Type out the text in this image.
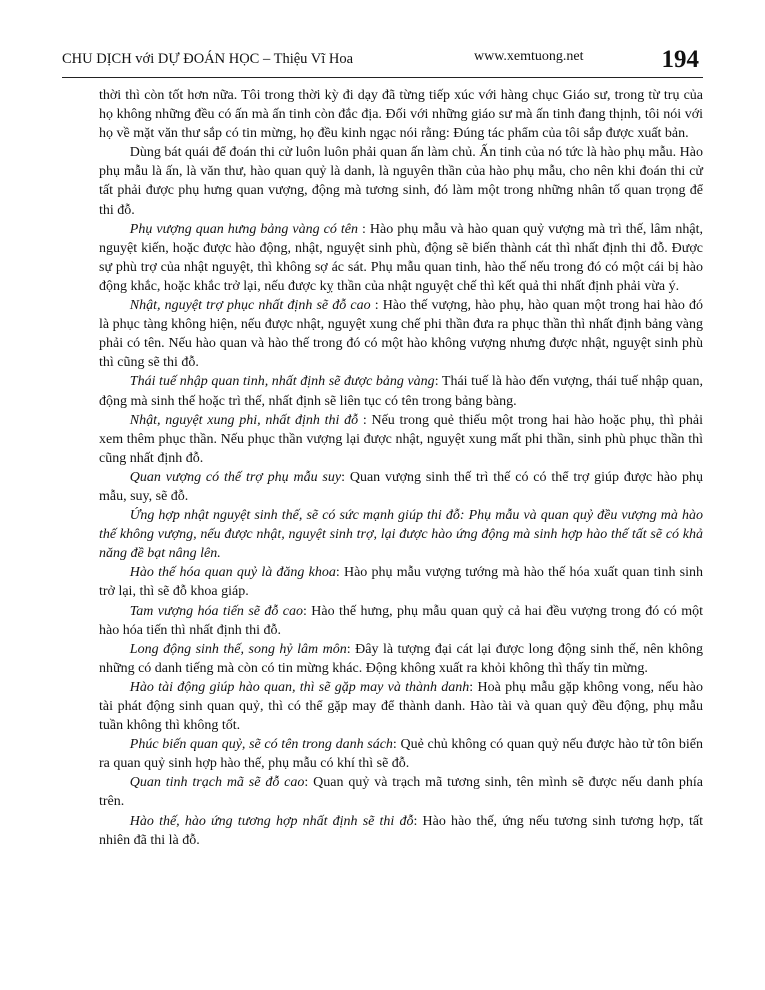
CHU DỊCH với DỰ ĐOÁN HỌC – Thiệu Vĩ Hoa	www.xemtuong.net	194

thời thì còn tốt hơn nữa. Tôi trong thời kỳ đi dạy đã từng tiếp xúc với hàng chục Giáo sư, trong từ trụ của họ không những đều có ấn mà ấn tinh còn đắc địa. Đối với những giáo sư mà ấn tinh đang thịnh, tôi nói với họ về mặt văn thư sắp có tin mừng, họ đều kinh ngạc nói rằng: Đúng tác phẩm của tôi sắp được xuất bản.

Dùng bát quái để đoán thi cử luôn luôn phải quan ấn làm chủ. Ấn tinh của nó tức là hào phụ mẫu. Hào phụ mẫu là ấn, là văn thư, hào quan quỷ là danh, là nguyên thần của hào phụ mẫu, cho nên khi đoán thi cử tất phải được phụ hưng quan vượng, động mà tương sinh, đó làm một trong những nhân tố quan trọng để thi đỗ.

Phụ vượng quan hưng bảng vàng có tên : Hào phụ mẫu và hào quan quỷ vượng mà trì thế, lâm nhật, nguyệt kiến, hoặc được hào động, nhật, nguyệt sinh phù, động sẽ biến thành cát thì nhất định thi đỗ. Được sự phù trợ của nhật nguyệt, thì không sợ ác sát. Phụ mẫu quan tinh, hào thế nếu trong đó có một cái bị hào động khắc, hoặc khắc trở lại, nếu được kỵ thần của nhật nguyệt chế thì kết quả thi nhất định phải vừa ý.

Nhật, nguyệt trợ phục nhất định sẽ đỗ cao : Hào thế vượng, hào phụ, hào quan một trong hai hào đó là phục tàng không hiện, nếu được nhật, nguyệt xung chế phi thần đưa ra phục thần thì nhất định bảng vàng phải có tên. Nếu hào quan và hào thế trong đó có một hào không vượng nhưng được nhật, nguyệt sinh phù thì cũng sẽ thi đỗ.

Thái tuế nhập quan tinh, nhất định sẽ được bảng vàng: Thái tuế là hào đến vượng, thái tuế nhập quan, động mà sinh thế hoặc trì thế, nhất định sẽ liên tục có tên trong bảng bàng.

Nhật, nguyệt xung phi, nhất định thi đỗ : Nếu trong quẻ thiếu một trong hai hào hoặc phụ, thì phải xem thêm phục thần. Nếu phục thần vượng lại được nhật, nguyệt xung mất phi thần, sinh phù phục thần thì cũng nhất định đỗ.

Quan vượng có thế trợ phụ mẫu suy: Quan vượng sinh thế trì thế có có thể trợ giúp được hào phụ mẫu, suy, sẽ đỗ.

Ứng hợp nhật nguyệt sinh thế, sẽ có sức mạnh giúp thi đỗ: Phụ mẫu và quan quỷ đều vượng mà hào thế không vượng, nếu được nhật, nguyệt sinh trợ, lại được hào ứng động mà sinh hợp hào thế tất sẽ có khả năng đề bạt nâng lên.

Hào thế hóa quan quỷ là đăng khoa: Hào phụ mẫu vượng tướng mà hào thế hóa xuất quan tinh sinh trở lại, thì sẽ đỗ khoa giáp.

Tam vượng hóa tiến sẽ đỗ cao: Hào thế hưng, phụ mẫu quan quỷ cả hai đều vượng trong đó có một hào hóa tiến thì nhất định thi đỗ.

Long động sinh thế, song hỷ lâm môn: Đây là tượng đại cát lại được long động sinh thế, nên không những có danh tiếng mà còn có tin mừng khác. Động không xuất ra khỏi không thì thấy tin mừng.

Hào tài động giúp hào quan, thì sẽ gặp may và thành danh: Hoà phụ mẫu gặp không vong, nếu hào tài phát động sinh quan quỷ, thì có thể gặp may để thành danh. Hào tài và quan quỷ đều động, phụ mẫu tuần không thì không tốt.

Phúc biến quan quỷ, sẽ có tên trong danh sách: Quẻ chủ không có quan quỷ nếu được hào tử tôn biến ra quan quỷ sinh hợp hào thế, phụ mẫu có khí thì sẽ đỗ.

Quan tinh trạch mã sẽ đỗ cao: Quan quỷ và trạch mã tương sinh, tên mình sẽ được nếu danh phía trên.

Hào thế, hào ứng tương hợp nhất định sẽ thi đỗ: Hào hào thế, ứng nếu tương sinh tương hợp, tất nhiên đã thi là đỗ.
